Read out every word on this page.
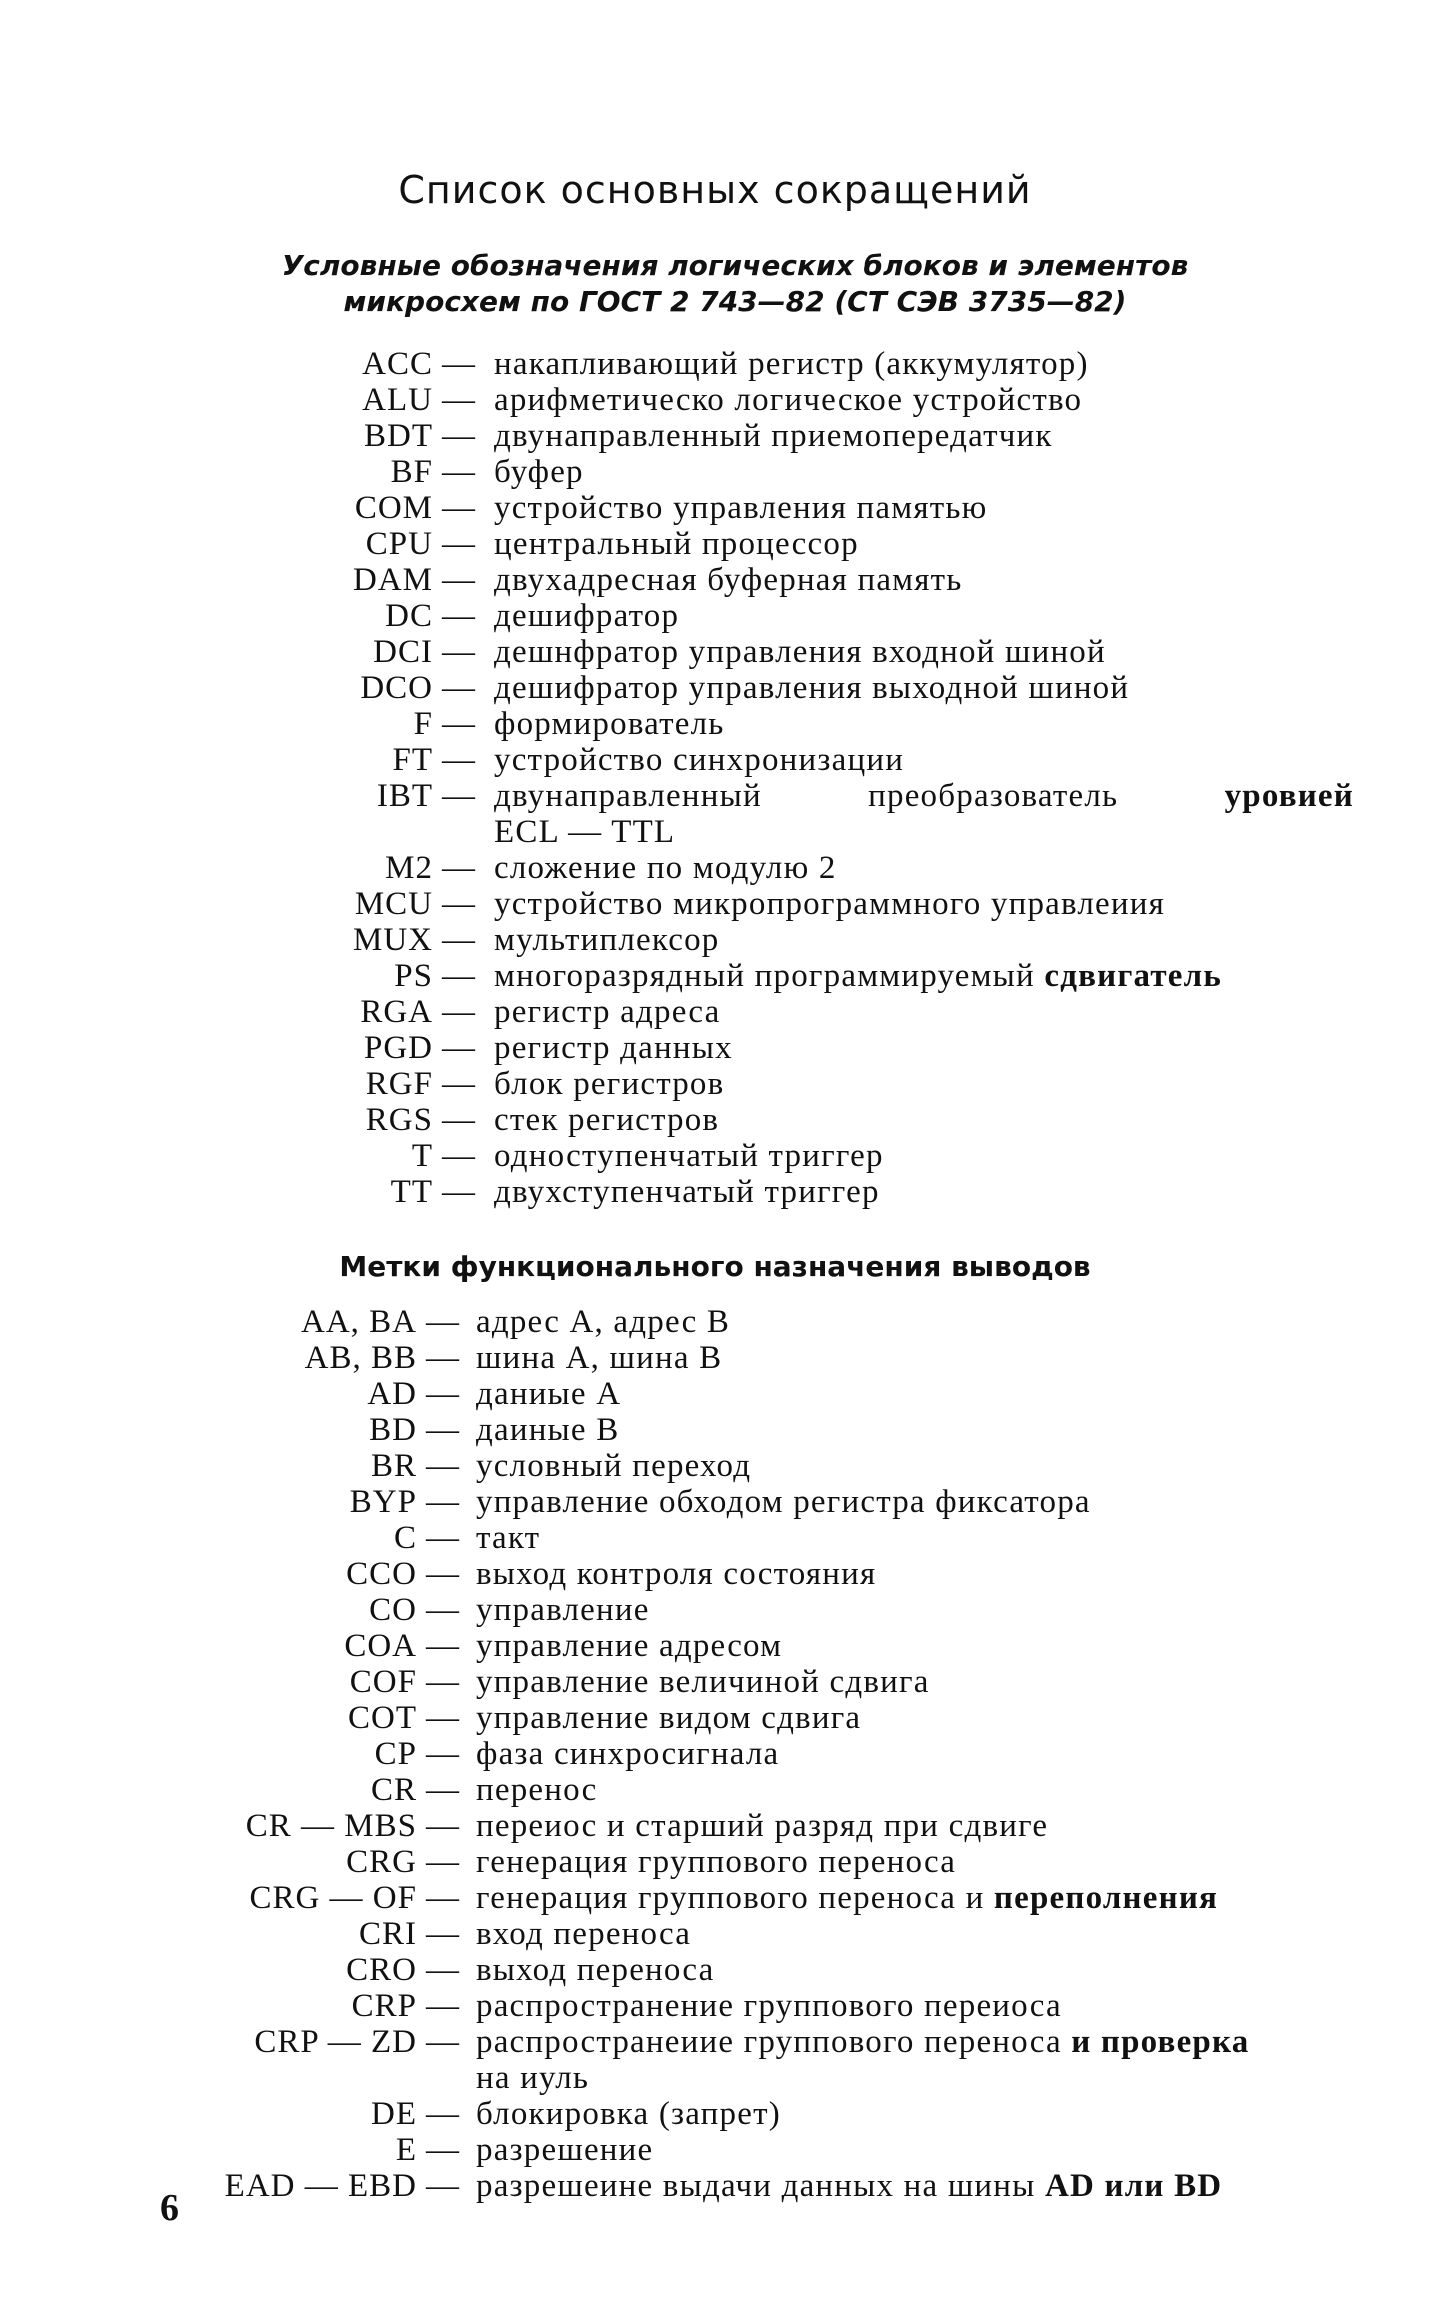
Список основных сокращений
Условные обозначения логических блоков и элементов
микросхем по ГОСТ 2 743—82 (СТ СЭВ 3735—82)
ACC — накапливающий регистр (аккумулятор)
ALU — арифметическо логическое устройство
BDT — двунаправленный приемопередатчик
BF — буфер
COM — устройство управления памятью
CPU — центральный процессор
DAM — двухадресная буферная память
DC — дешифратор
DCI — дешнфратор управления входной шиной
DCO — дешифратор управления выходной шиной
F — формирователь
FT — устройство синхронизации
IBT — двунаправленный	преобразователь	уровией
ECL — TTL
M2 — сложение по модулю 2
MCU — устройство микропрограммного управлеиия
MUX — мультиплексор
PS — многоразрядный программируемый сдвигатель
RGA — регистр адреса
PGD — регистр данных
RGF — блок регистров
RGS — стек регистров
T — одноступенчатый триггер
TT — двухступенчатый триггер
Метки функционального назначения выводов
AA, BA — адрес А, адрес В
AB, BB — шина А, шина В
AD — даниые А
BD — даиные В
BR — условный переход
BYP — управление обходом регистра фиксатора
C — такт
CCO — выход контроля состояния
CO — управление
COA — управление адресом
COF — управление величиной сдвига
COT — управление видом сдвига
CP — фаза синхросигнала
CR — перенос
CR — MBS — переиос и старший разряд при сдвиге
CRG — генерация группового переноса
CRG — OF — генерация группового переноса и переполнения
CRI — вход переноса
CRO — выход переноса
CRP — распространение группового переиоса
CRP — ZD — распространеиие группового переноса и проверка
на иуль
DE — блокировка (запрет)
E — разрешение
EAD — EBD — разрешеине выдачи данных на шины AD или BD
6
